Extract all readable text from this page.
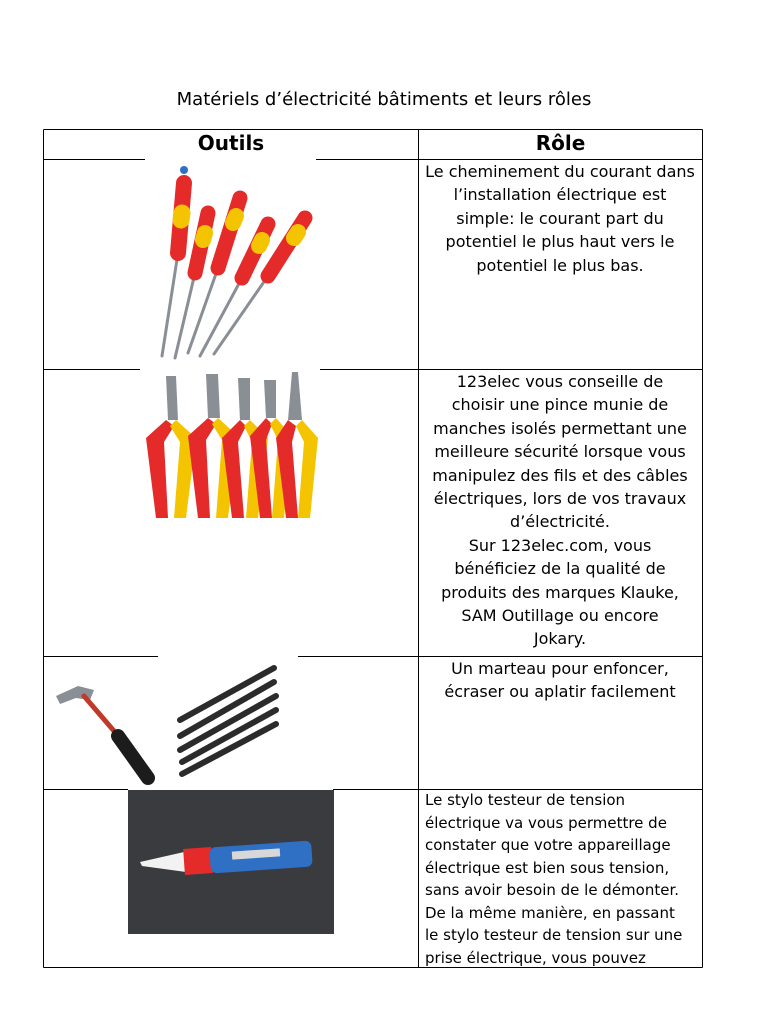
Matériels d’électricité bâtiments et leurs rôles
Outils	Rôle
Le cheminement du courant dans l’installation électrique est simple: le courant part du potentiel le plus haut vers le potentiel le plus bas.
123elec vous conseille de
choisir une pince munie de
manches isolés permettant une
meilleure sécurité lorsque vous
manipulez des fils et des câbles
électriques, lors de vos travaux
d’électricité.
Sur 123elec.com, vous
bénéficiez de la qualité de
produits des marques Klauke,
SAM Outillage ou encore
Jokary.
Un marteau pour enfoncer, écraser ou aplatir facilement
Le stylo testeur de tension
électrique va vous permettre de
constater que votre appareillage
électrique est bien sous tension,
sans avoir besoin de le démonter.
De la même manière, en passant
le stylo testeur de tension sur une
prise électrique, vous pouvez
